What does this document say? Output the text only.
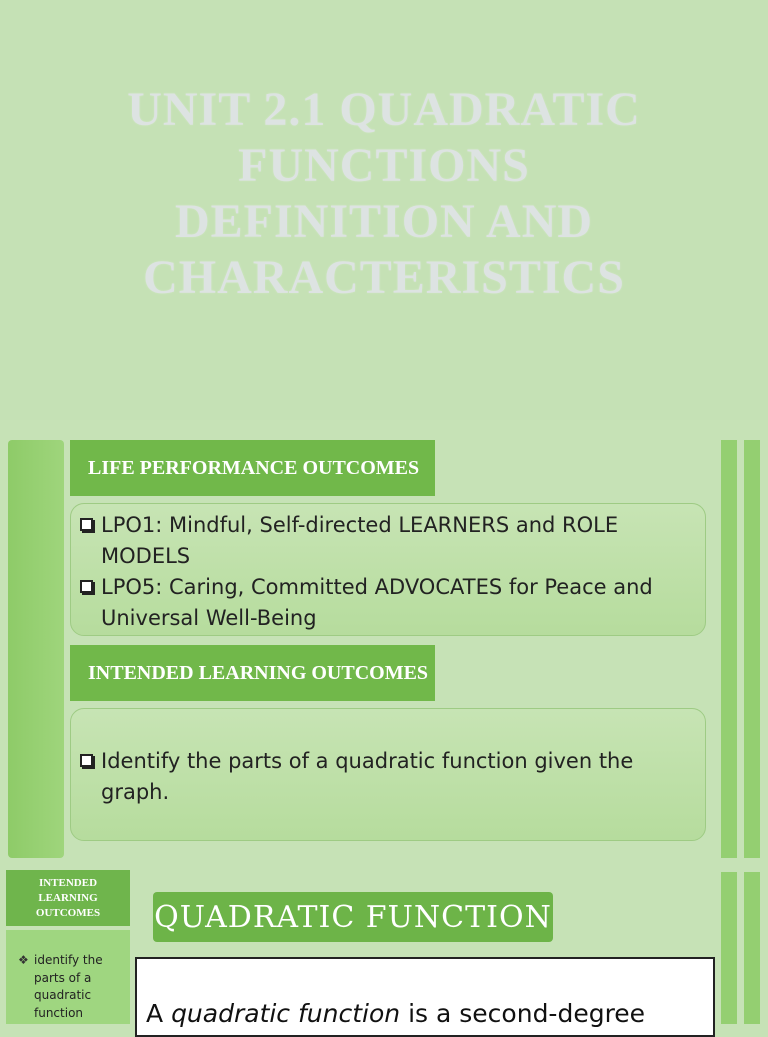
UNIT 2.1 QUADRATIC
FUNCTIONS
DEFINITION AND
CHARACTERISTICS
LIFE PERFORMANCE OUTCOMES
LPO1: Mindful, Self-directed LEARNERS and ROLE MODELS
LPO5: Caring, Committed ADVOCATES for Peace and Universal Well-Being
INTENDED LEARNING OUTCOMES
Identify the parts of a quadratic function given the graph.
INTENDED LEARNING OUTCOMES
❖ identify the parts of a quadratic function
QUADRATIC FUNCTION
A quadratic function is a second-degree
